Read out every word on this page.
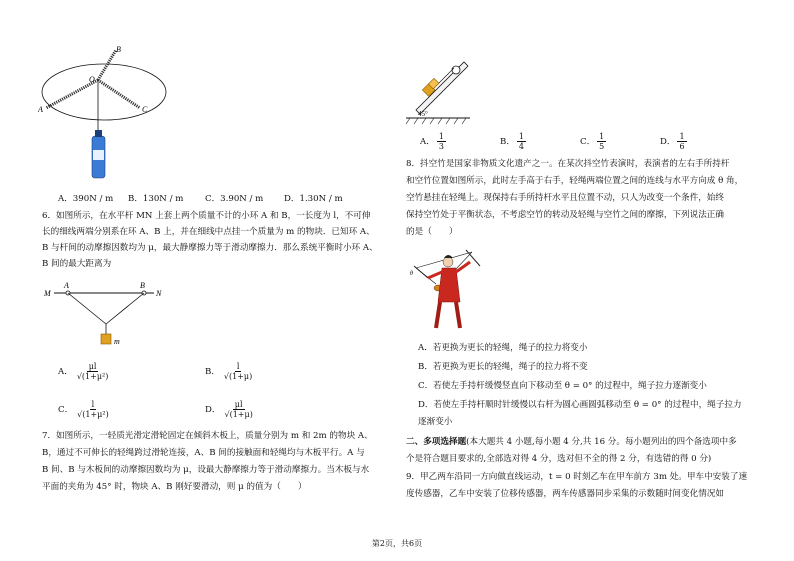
B
O
A	C
A．390N / m B．130N / m	C．3.90N / m D．1.30N / m
6．如图所示，在水平杆 MN 上套上两个质量不计的小环 A 和 B，一长度为 l，不可伸
长的细线两端分别系在环 A、B 上，并在细线中点挂一个质量为 m 的物块．已知环 A、
B 与杆间的动摩擦因数均为 μ，最大静摩擦力等于滑动摩擦力．那么系统平衡时小环 A、
B 间的最大距离为
M	N
A	B
m
A． $\frac{\mu l}{\text{√(1+μ²)}}$	B． $\frac{l}{√(1+\mu)}$
C． $\frac{l}{\text{√(1+μ²)}}$	D． $\frac{\mu l}{√(1+\mu)}$
7．如图所示，一轻质光滑定滑轮固定在倾斜木板上，质量分别为 m 和 2m 的物块 A、
B，通过不可伸长的轻绳跨过滑轮连接，A、B 间的接触面和轻绳均与木板平行。A 与
B 间、B 与木板间的动摩擦因数均为 μ，设最大静摩擦力等于滑动摩擦力。当木板与水
平面的夹角为 45° 时，物块 A、B 刚好要滑动，则 μ 的值为（　　）
45°
A． $\frac{1}{3}$	B． $\frac{1}{4}$	C． $\frac{1}{5}$	D． $\frac{1}{6}$
8．抖空竹是国家非物质文化遗产之一。在某次抖空竹表演时，表演者的左右手所持杆
和空竹位置如图所示，此时左手高于右手，轻绳两端位置之间的连线与水平方向成 θ 角，
空竹悬挂在轻绳上。现保持右手所持杆水平且位置不动，只人为改变一个条件，始终
保持空竹处于平衡状态，不考虑空竹的转动及轻绳与空竹之间的摩擦，下列说法正确
的是（　　）
θ
A．若更换为更长的轻绳，绳子的拉力将变小
B．若更换为更长的轻绳，绳子的拉力将不变
C．若使左手持杆缓慢竖直向下移动至 θ = 0° 的过程中，绳子拉力逐渐变小
D．若使左手持杆顺时针缓慢以右杆为圆心画圆弧移动至 θ = 0° 的过程中，绳子拉力
逐渐变小
二、多项选择题(本大题共 4 小题,每小题 4 分,共 16 分。每小题列出的四个备选项中多
个是符合题目要求的,全部选对得 4 分，选对但不全的得 2 分，有选错的得 0 分)
9．甲乙两车沿同一方向做直线运动，t = 0 时刻乙车在甲车前方 3m 处。甲车中安装了速
度传感器，乙车中安装了位移传感器，两车传感器同步采集的示数随时间变化情况如
第2页，共6页
